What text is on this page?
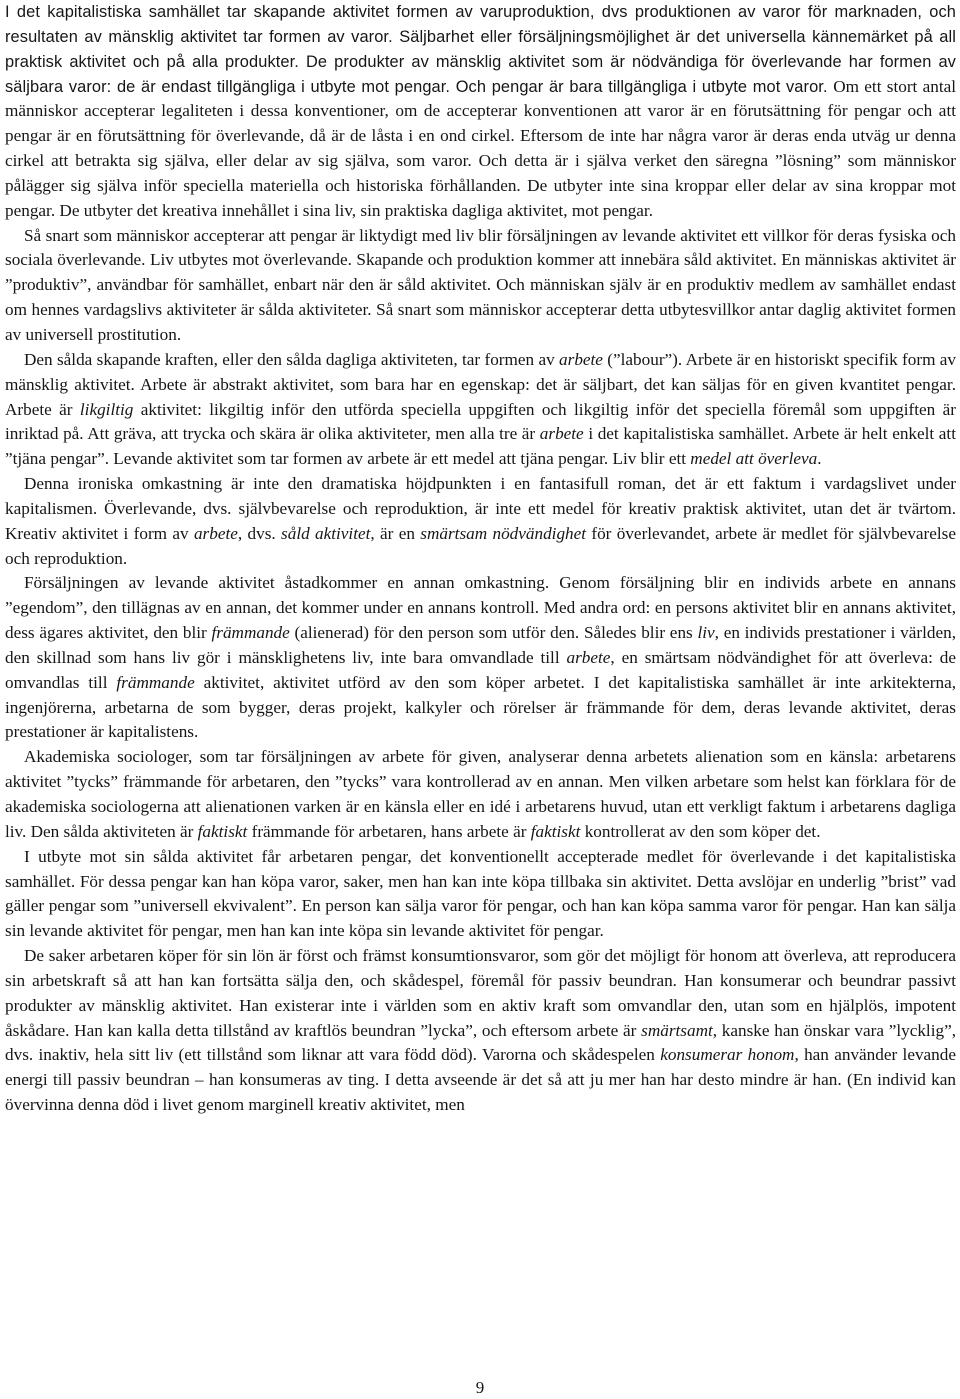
I det kapitalistiska samhället tar skapande aktivitet formen av varuproduktion, dvs produktionen av varor för marknaden, och resultaten av mänsklig aktivitet tar formen av varor. Säljbarhet eller försäljningsmöjlighet är det universella kännemärket på all praktisk aktivitet och på alla produkter. De produkter av mänsklig aktivitet som är nödvändiga för överlevande har formen av säljbara varor: de är endast tillgängliga i utbyte mot pengar. Och pengar är bara tillgängliga i utbyte mot varor. Om ett stort antal människor accepterar legaliteten i dessa konventioner, om de accepterar konventionen att varor är en förutsättning för pengar och att pengar är en förutsättning för överlevande, då är de låsta i en ond cirkel. Eftersom de inte har några varor är deras enda utväg ur denna cirkel att betrakta sig själva, eller delar av sig själva, som varor. Och detta är i själva verket den säregna ”lösning” som människor pålägger sig själva inför speciella materiella och historiska förhållanden. De utbyter inte sina kroppar eller delar av sina kroppar mot pengar. De utbyter det kreativa innehållet i sina liv, sin praktiska dagliga aktivitet, mot pengar.

Så snart som människor accepterar att pengar är liktydigt med liv blir försäljningen av levande aktivitet ett villkor för deras fysiska och sociala överlevande. Liv utbytes mot överlevande. Skapande och produktion kommer att innebära såld aktivitet. En människas aktivitet är ”produktiv”, användbar för samhället, enbart när den är såld aktivitet. Och människan själv är en produktiv medlem av samhället endast om hennes vardagslivs aktiviteter är sålda aktiviteter. Så snart som människor accepterar detta utbytesvillkor antar daglig aktivitet formen av universell prostitution.

Den sålda skapande kraften, eller den sålda dagliga aktiviteten, tar formen av arbete (”labour”). Arbete är en historiskt specifik form av mänsklig aktivitet. Arbete är abstrakt aktivitet, som bara har en egenskap: det är säljbart, det kan säljas för en given kvantitet pengar. Arbete är likgiltig aktivitet: likgiltig inför den utförda speciella uppgiften och likgiltig inför det speciella föremål som uppgiften är inriktad på. Att gräva, att trycka och skära är olika aktiviteter, men alla tre är arbete i det kapitalistiska samhället. Arbete är helt enkelt att ”tjäna pengar”. Levande aktivitet som tar formen av arbete är ett medel att tjäna pengar. Liv blir ett medel att överleva.

Denna ironiska omkastning är inte den dramatiska höjdpunkten i en fantasifull roman, det är ett faktum i vardagslivet under kapitalismen. Överlevande, dvs. självbevarelse och reproduktion, är inte ett medel för kreativ praktisk aktivitet, utan det är tvärtom. Kreativ aktivitet i form av arbete, dvs. såld aktivitet, är en smärtsam nödvändighet för överlevandet, arbete är medlet för självbevarelse och reproduktion.

Försäljningen av levande aktivitet åstadkommer en annan omkastning. Genom försäljning blir en individs arbete en annans ”egendom”, den tillägnas av en annan, det kommer under en annans kontroll. Med andra ord: en persons aktivitet blir en annans aktivitet, dess ägares aktivitet, den blir främmande (alienerad) för den person som utför den. Således blir ens liv, en individs prestationer i världen, den skillnad som hans liv gör i mänsklighetens liv, inte bara omvandlade till arbete, en smärtsam nödvändighet för att överleva: de omvandlas till främmande aktivitet, aktivitet utförd av den som köper arbetet. I det kapitalistiska samhället är inte arkitekterna, ingenjörerna, arbetarna de som bygger, deras projekt, kalkyler och rörelser är främmande för dem, deras levande aktivitet, deras prestationer är kapitalistens.

Akademiska sociologer, som tar försäljningen av arbete för given, analyserar denna arbetets alienation som en känsla: arbetarens aktivitet ”tycks” främmande för arbetaren, den ”tycks” vara kontrollerad av en annan. Men vilken arbetare som helst kan förklara för de akademiska sociologerna att alienationen varken är en känsla eller en idé i arbetarens huvud, utan ett verkligt faktum i arbetarens dagliga liv. Den sålda aktiviteten är faktiskt främmande för arbetaren, hans arbete är faktiskt kontrollerat av den som köper det.

I utbyte mot sin sålda aktivitet får arbetaren pengar, det konventionellt accepterade medlet för överlevande i det kapitalistiska samhället. För dessa pengar kan han köpa varor, saker, men han kan inte köpa tillbaka sin aktivitet. Detta avslöjar en underlig ”brist” vad gäller pengar som ”universell ekvivalent”. En person kan sälja varor för pengar, och han kan köpa samma varor för pengar. Han kan sälja sin levande aktivitet för pengar, men han kan inte köpa sin levande aktivitet för pengar.

De saker arbetaren köper för sin lön är först och främst konsumtionsvaror, som gör det möjligt för honom att överleva, att reproducera sin arbetskraft så att han kan fortsätta sälja den, och skådespel, föremål för passiv beundran. Han konsumerar och beundrar passivt produkter av mänsklig aktivitet. Han existerar inte i världen som en aktiv kraft som omvandlar den, utan som en hjälplös, impotent åskådare. Han kan kalla detta tillstånd av kraftlös beundran ”lycka”, och eftersom arbete är smärtsamt, kanske han önskar vara ”lycklig”, dvs. inaktiv, hela sitt liv (ett tillstånd som liknar att vara född död). Varorna och skådespelen konsumerar honom, han använder levande energi till passiv beundran – han konsumeras av ting. I detta avseende är det så att ju mer han har desto mindre är han. (En individ kan övervinna denna död i livet genom marginell kreativ aktivitet, men

9
